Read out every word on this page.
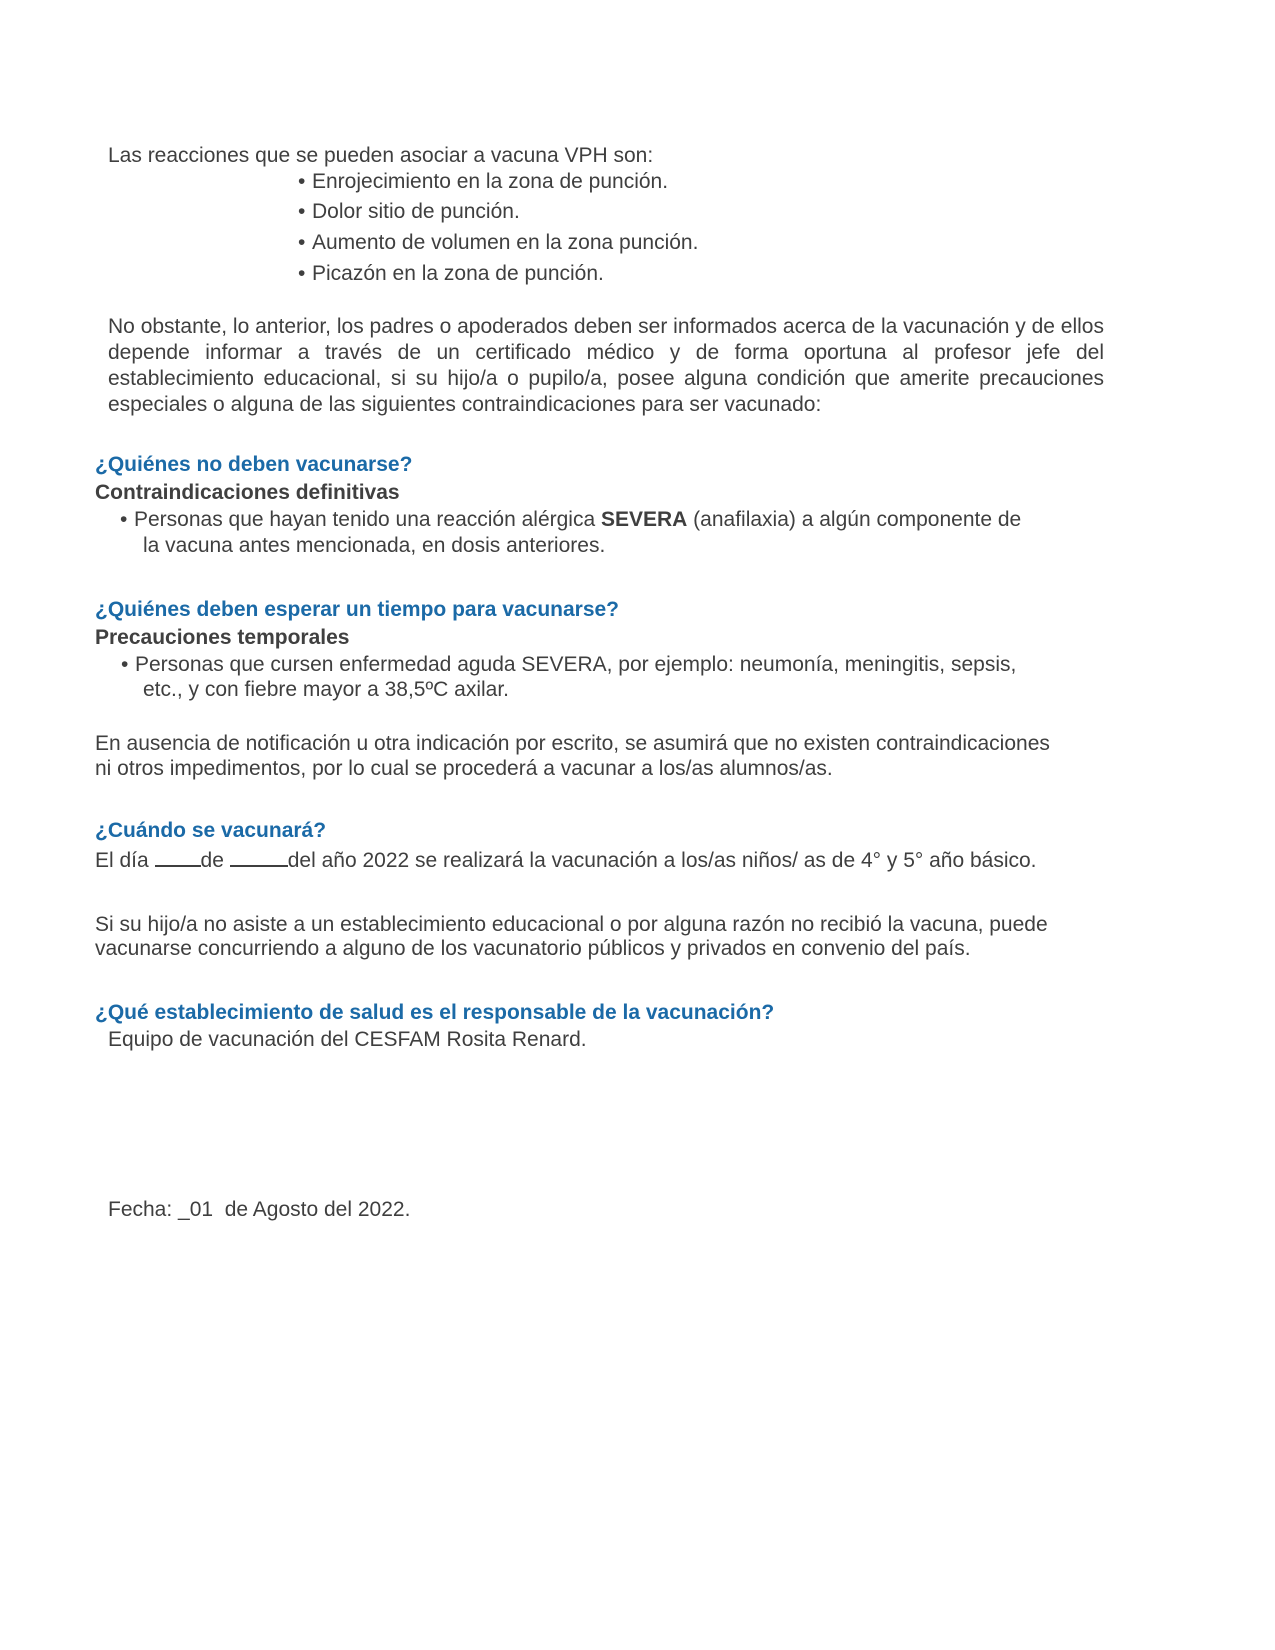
Las reacciones que se pueden asociar a vacuna VPH son:

• Enrojecimiento en la zona de punción.
• Dolor sitio de punción.
• Aumento de volumen en la zona punción.
• Picazón en la zona de punción.

No obstante, lo anterior, los padres o apoderados deben ser informados acerca de la vacunación y de ellos depende informar a través de un certificado médico y de forma oportuna al profesor jefe del establecimiento educacional, si su hijo/a o pupilo/a, posee alguna condición que amerite precauciones especiales o alguna de las siguientes contraindicaciones para ser vacunado:

¿Quiénes no deben vacunarse?

Contraindicaciones definitivas

• Personas que hayan tenido una reacción alérgica SEVERA (anafilaxia) a algún componente de

la vacuna antes mencionada, en dosis anteriores.

¿Quiénes deben esperar un tiempo para vacunarse?

Precauciones temporales

• Personas que cursen enfermedad aguda SEVERA, por ejemplo: neumonía, meningitis, sepsis,

etc., y con fiebre mayor a 38,5ºC axilar.

En ausencia de notificación u otra indicación por escrito, se asumirá que no existen contraindicaciones

ni otros impedimentos, por lo cual se procederá a vacunar a los/as alumnos/as.

¿Cuándo se vacunará?

El día de	del año 2022 se realizará la vacunación a los/as niños/ as de 4° y 5° año básico.

Si su hijo/a no asiste a un establecimiento educacional o por alguna razón no recibió la vacuna, puede

vacunarse concurriendo a alguno de los vacunatorio públicos y privados en convenio del país.

¿Qué establecimiento de salud es el responsable de la vacunación?

Equipo de vacunación del CESFAM Rosita Renard.

Fecha: _01  de Agosto del 2022.
